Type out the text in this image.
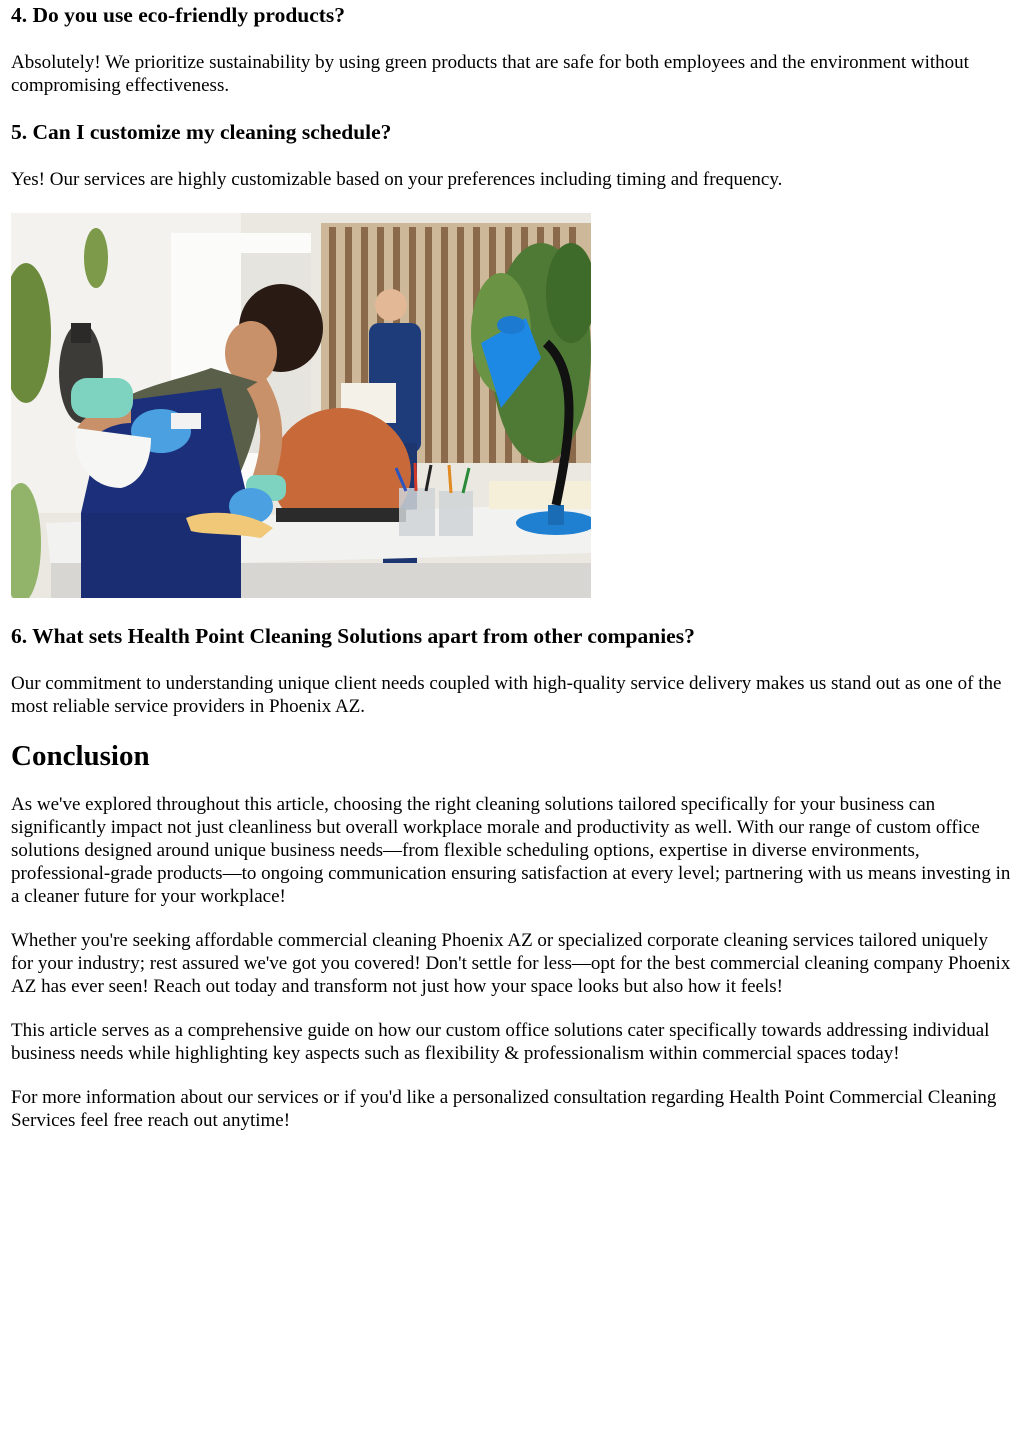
4. Do you use eco-friendly products?

Absolutely! We prioritize sustainability by using green products that are safe for both employees and the environment without compromising effectiveness.

5. Can I customize my cleaning schedule?

Yes! Our services are highly customizable based on your preferences including timing and frequency.

6. What sets Health Point Cleaning Solutions apart from other companies?

Our commitment to understanding unique client needs coupled with high-quality service delivery makes us stand out as one of the most reliable service providers in Phoenix AZ.

Conclusion

As we've explored throughout this article, choosing the right cleaning solutions tailored specifically for your business can significantly impact not just cleanliness but overall workplace morale and productivity as well. With our range of custom office solutions designed around unique business needs—from flexible scheduling options, expertise in diverse environments, professional-grade products—to ongoing communication ensuring satisfaction at every level; partnering with us means investing in a cleaner future for your workplace!

Whether you're seeking affordable commercial cleaning Phoenix AZ or specialized corporate cleaning services tailored uniquely for your industry; rest assured we've got you covered! Don't settle for less—opt for the best commercial cleaning company Phoenix AZ has ever seen! Reach out today and transform not just how your space looks but also how it feels!

This article serves as a comprehensive guide on how our custom office solutions cater specifically towards addressing individual business needs while highlighting key aspects such as flexibility & professionalism within commercial spaces today!

For more information about our services or if you'd like a personalized consultation regarding Health Point Commercial Cleaning Services feel free reach out anytime!
